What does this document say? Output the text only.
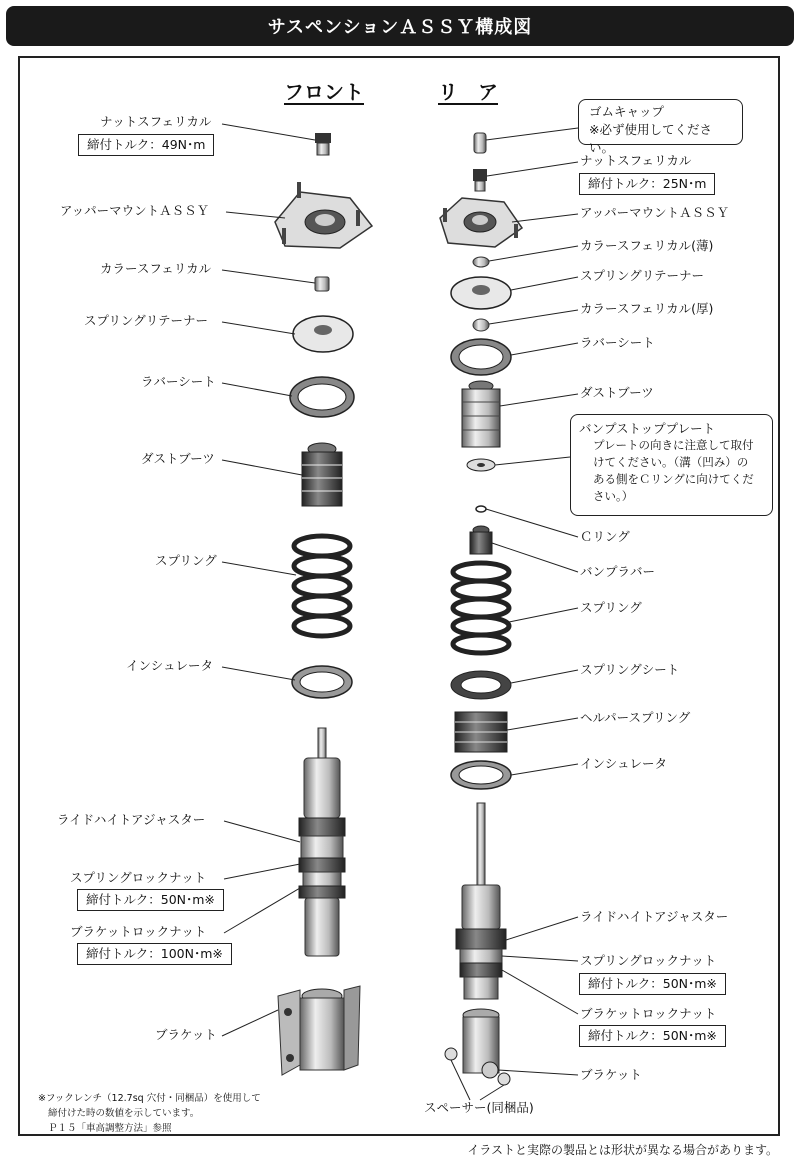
サスペンションＡＳＳＹ構成図
フロント	リ　ア
ナットスフェリカル
締付トルク：49N･m
アッパーマウントＡＳＳＹ
カラースフェリカル
スプリングリテーナー
ラバーシート
ダストブーツ
スプリング
インシュレータ
ライドハイトアジャスター
スプリングロックナット
締付トルク：50N･m※
ブラケットロックナット
締付トルク：100N･m※
ブラケット
ゴムキャップ
※必ず使用してください。
ナットスフェリカル
締付トルク：25N･m
アッパーマウントＡＳＳＹ
カラースフェリカル(薄)
スプリングリテーナー
カラースフェリカル(厚)
ラバーシート
ダストブーツ
バンプストッププレート
プレートの向きに注意して取付
けてください。（溝（凹み）の
ある側をＣリングに向けてくだ
さい。）
Ｃリング
バンプラバー
スプリング
スプリングシート
ヘルパースプリング
インシュレータ
ライドハイトアジャスター
スプリングロックナット
締付トルク：50N･m※
ブラケットロックナット
締付トルク：50N･m※
ブラケット
スペーサー(同梱品)
※フックレンチ（12.7sq 穴付・同梱品）を使用して
締付けた時の数値を示しています。
Ｐ１５「車高調整方法」参照
イラストと実際の製品とは形状が異なる場合があります。
